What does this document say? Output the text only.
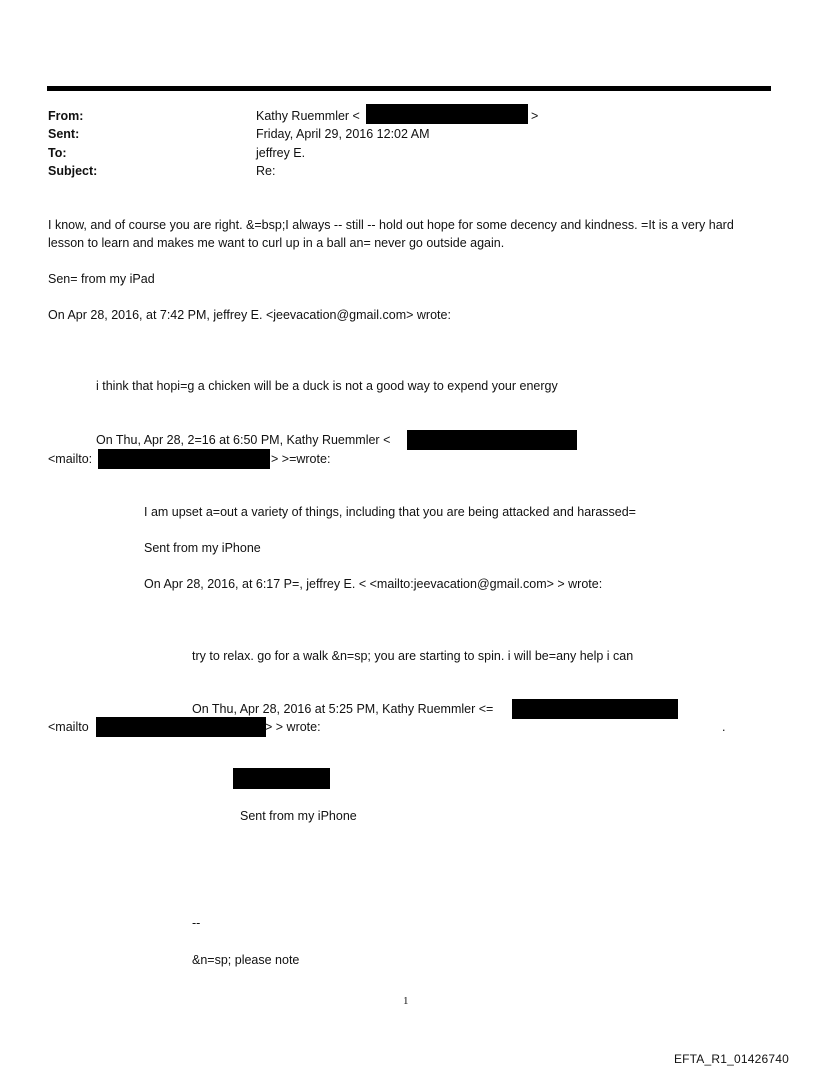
From:	Kathy Ruemmler <	>
Sent:	Friday, April 29, 2016 12:02 AM
To:	jeffrey E.
Subject:	Re:
I know, and of course you are right. &=bsp;I always -- still -- hold out hope for some decency and kindness. =It is a very hard lesson to learn and makes me want to curl up in a ball an= never go outside again.
Sen= from my iPad
On Apr 28, 2016, at 7:42 PM, jeffrey E. <jeevacation@gmail.com> wrote:
i think that hopi=g a chicken will be a duck is not a good way to expend your energy
On Thu, Apr 28, 2=16 at 6:50 PM, Kathy Ruemmler <
<mailto:	> >=wrote:
I am upset a=out a variety of things, including that you are being attacked and harassed=
Sent from my iPhone
On Apr 28, 2016, at 6:17 P=, jeffrey E. < <mailto:jeevacation@gmail.com> > wrote:
try to relax. go for a walk &n=sp; you are starting to spin. i will be=any help i can
On Thu, Apr 28, 2016 at 5:25 PM, Kathy Ruemmler <=
<mailto	> > wrote:	.
Sent from my iPhone
--
&n=sp; please note
1
EFTA_R1_01426740
